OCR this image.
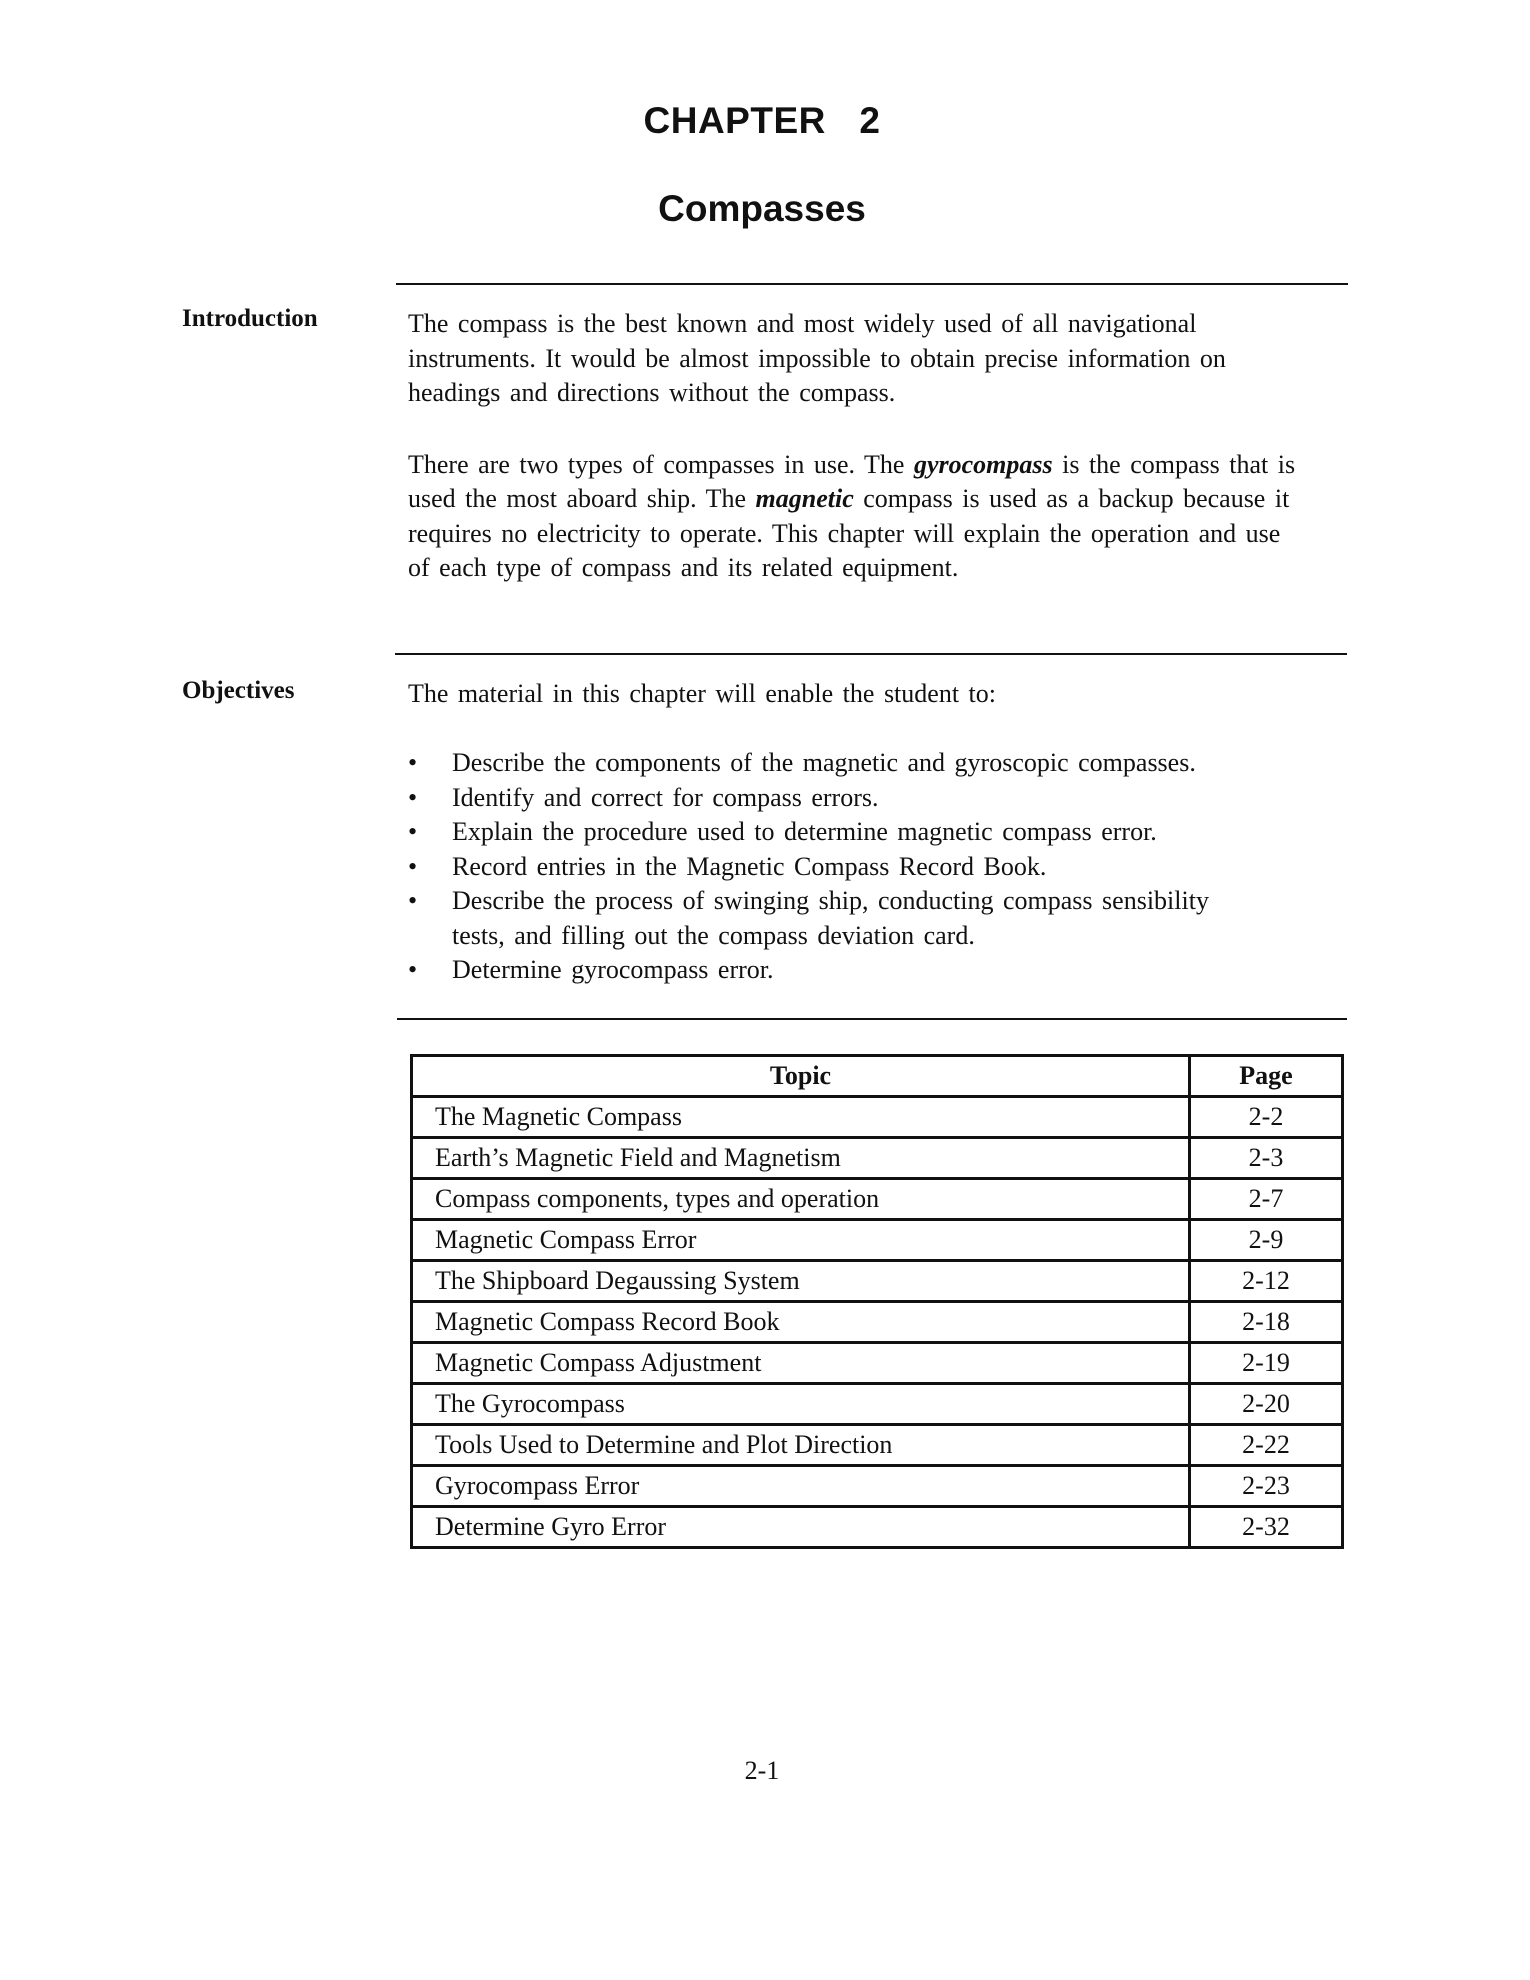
CHAPTER  2
Compasses
Introduction	The compass is the best known and most widely used of all navigational instruments. It would be almost impossible to obtain precise information on headings and directions without the compass.

There are two types of compasses in use. The gyrocompass is the compass that is used the most aboard ship. The magnetic compass is used as a backup because it requires no electricity to operate. This chapter will explain the operation and use of each type of compass and its related equipment.

Objectives	The material in this chapter will enable the student to:
• Describe the components of the magnetic and gyroscopic compasses.
• Identify and correct for compass errors.
• Explain the procedure used to determine magnetic compass error.
• Record entries in the Magnetic Compass Record Book.
• Describe the process of swinging ship, conducting compass sensibility tests, and filling out the compass deviation card.
• Determine gyrocompass error.
Topic	Page
The Magnetic Compass	2-2
Earth’s Magnetic Field and Magnetism	2-3
Compass components, types and operation	2-7
Magnetic Compass Error	2-9
The Shipboard Degaussing System	2-12
Magnetic Compass Record Book	2-18
Magnetic Compass Adjustment	2-19
The Gyrocompass	2-20
Tools Used to Determine and Plot Direction	2-22
Gyrocompass Error	2-23
Determine Gyro Error	2-32
2-1
